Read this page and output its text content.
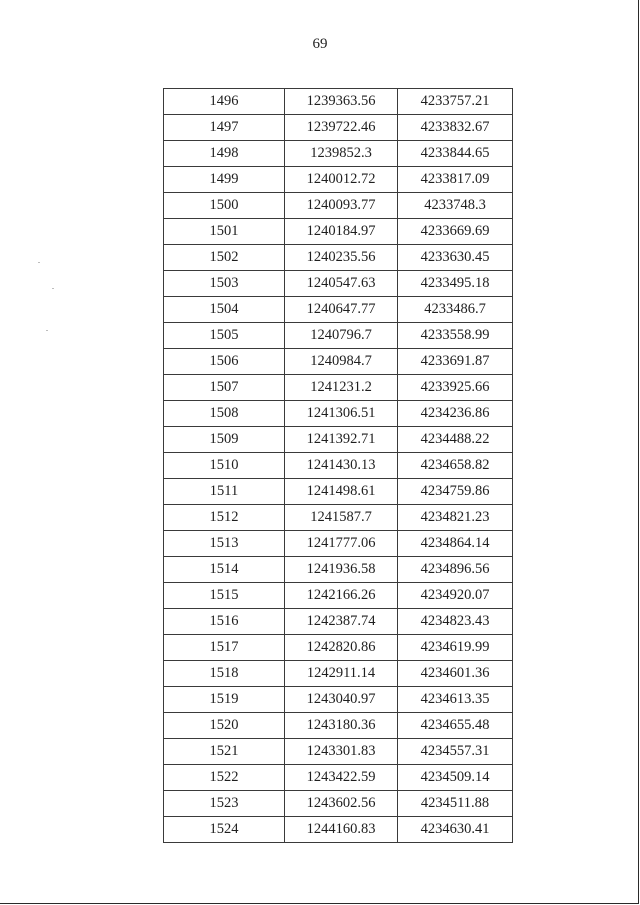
69
1496	1239363.56	4233757.21
1497	1239722.46	4233832.67
1498	1239852.3	4233844.65
1499	1240012.72	4233817.09
1500	1240093.77	4233748.3
1501	1240184.97	4233669.69
1502	1240235.56	4233630.45
1503	1240547.63	4233495.18
1504	1240647.77	4233486.7
1505	1240796.7	4233558.99
1506	1240984.7	4233691.87
1507	1241231.2	4233925.66
1508	1241306.51	4234236.86
1509	1241392.71	4234488.22
1510	1241430.13	4234658.82
1511	1241498.61	4234759.86
1512	1241587.7	4234821.23
1513	1241777.06	4234864.14
1514	1241936.58	4234896.56
1515	1242166.26	4234920.07
1516	1242387.74	4234823.43
1517	1242820.86	4234619.99
1518	1242911.14	4234601.36
1519	1243040.97	4234613.35
1520	1243180.36	4234655.48
1521	1243301.83	4234557.31
1522	1243422.59	4234509.14
1523	1243602.56	4234511.88
1524	1244160.83	4234630.41
